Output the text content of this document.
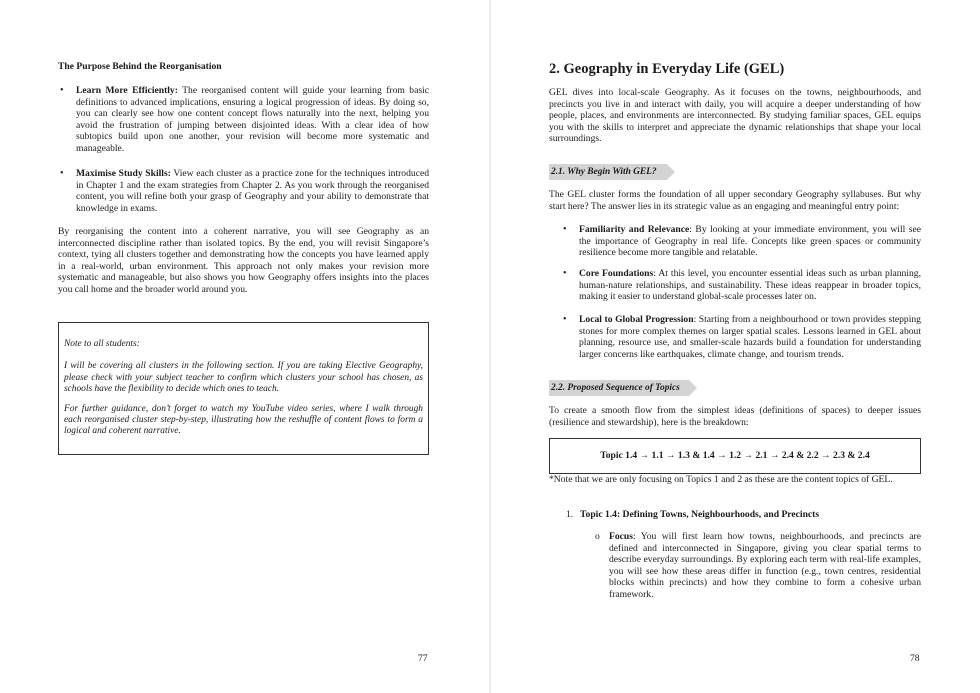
The Purpose Behind the Reorganisation
• Learn More Efficiently: The reorganised content will guide your learning from basic definitions to advanced implications, ensuring a logical progression of ideas. By doing so, you can clearly see how one content concept flows naturally into the next, helping you avoid the frustration of jumping between disjointed ideas. With a clear idea of how subtopics build upon one another, your revision will become more systematic and manageable.
• Maximise Study Skills: View each cluster as a practice zone for the techniques introduced in Chapter 1 and the exam strategies from Chapter 2. As you work through the reorganised content, you will refine both your grasp of Geography and your ability to demonstrate that knowledge in exams.

By reorganising the content into a coherent narrative, you will see Geography as an interconnected discipline rather than isolated topics. By the end, you will revisit Singapore’s context, tying all clusters together and demonstrating how the concepts you have learned apply in a real-world, urban environment. This approach not only makes your revision more systematic and manageable, but also shows you how Geography offers insights into the places you call home and the broader world around you.

Note to all students:

I will be covering all clusters in the following section. If you are taking Elective Geography, please check with your subject teacher to confirm which clusters your school has chosen, as schools have the flexibility to decide which ones to teach.

For further guidance, don’t forget to watch my YouTube video series, where I walk through each reorganised cluster step-by-step, illustrating how the reshuffle of content flows to form a logical and coherent narrative.

77
2. Geography in Everyday Life (GEL)

GEL dives into local-scale Geography. As it focuses on the towns, neighbourhoods, and precincts you live in and interact with daily, you will acquire a deeper understanding of how people, places, and environments are interconnected. By studying familiar spaces, GEL equips you with the skills to interpret and appreciate the dynamic relationships that shape your local surroundings.

2.1. Why Begin With GEL?

The GEL cluster forms the foundation of all upper secondary Geography syllabuses. But why start here? The answer lies in its strategic value as an engaging and meaningful entry point:

• Familiarity and Relevance: By looking at your immediate environment, you will see the importance of Geography in real life. Concepts like green spaces or community resilience become more tangible and relatable.
• Core Foundations: At this level, you encounter essential ideas such as urban planning, human-nature relationships, and sustainability. These ideas reappear in broader topics, making it easier to understand global-scale processes later on.
• Local to Global Progression: Starting from a neighbourhood or town provides stepping stones for more complex themes on larger spatial scales. Lessons learned in GEL about planning, resource use, and smaller-scale hazards build a foundation for understanding larger concerns like earthquakes, climate change, and tourism trends.
2.2. Proposed Sequence of Topics

To create a smooth flow from the simplest ideas (definitions of spaces) to deeper issues (resilience and stewardship), here is the breakdown:

Topic 1.4 → 1.1 → 1.3 & 1.4 → 1.2 → 2.1 → 2.4 & 2.2 → 2.3 & 2.4

*Note that we are only focusing on Topics 1 and 2 as these are the content topics of GEL.

1. Topic 1.4: Defining Towns, Neighbourhoods, and Precincts
o Focus: You will first learn how towns, neighbourhoods, and precincts are defined and interconnected in Singapore, giving you clear spatial terms to describe everyday surroundings. By exploring each term with real-life examples, you will see how these areas differ in function (e.g., town centres, residential blocks within precincts) and how they combine to form a cohesive urban framework.

78
